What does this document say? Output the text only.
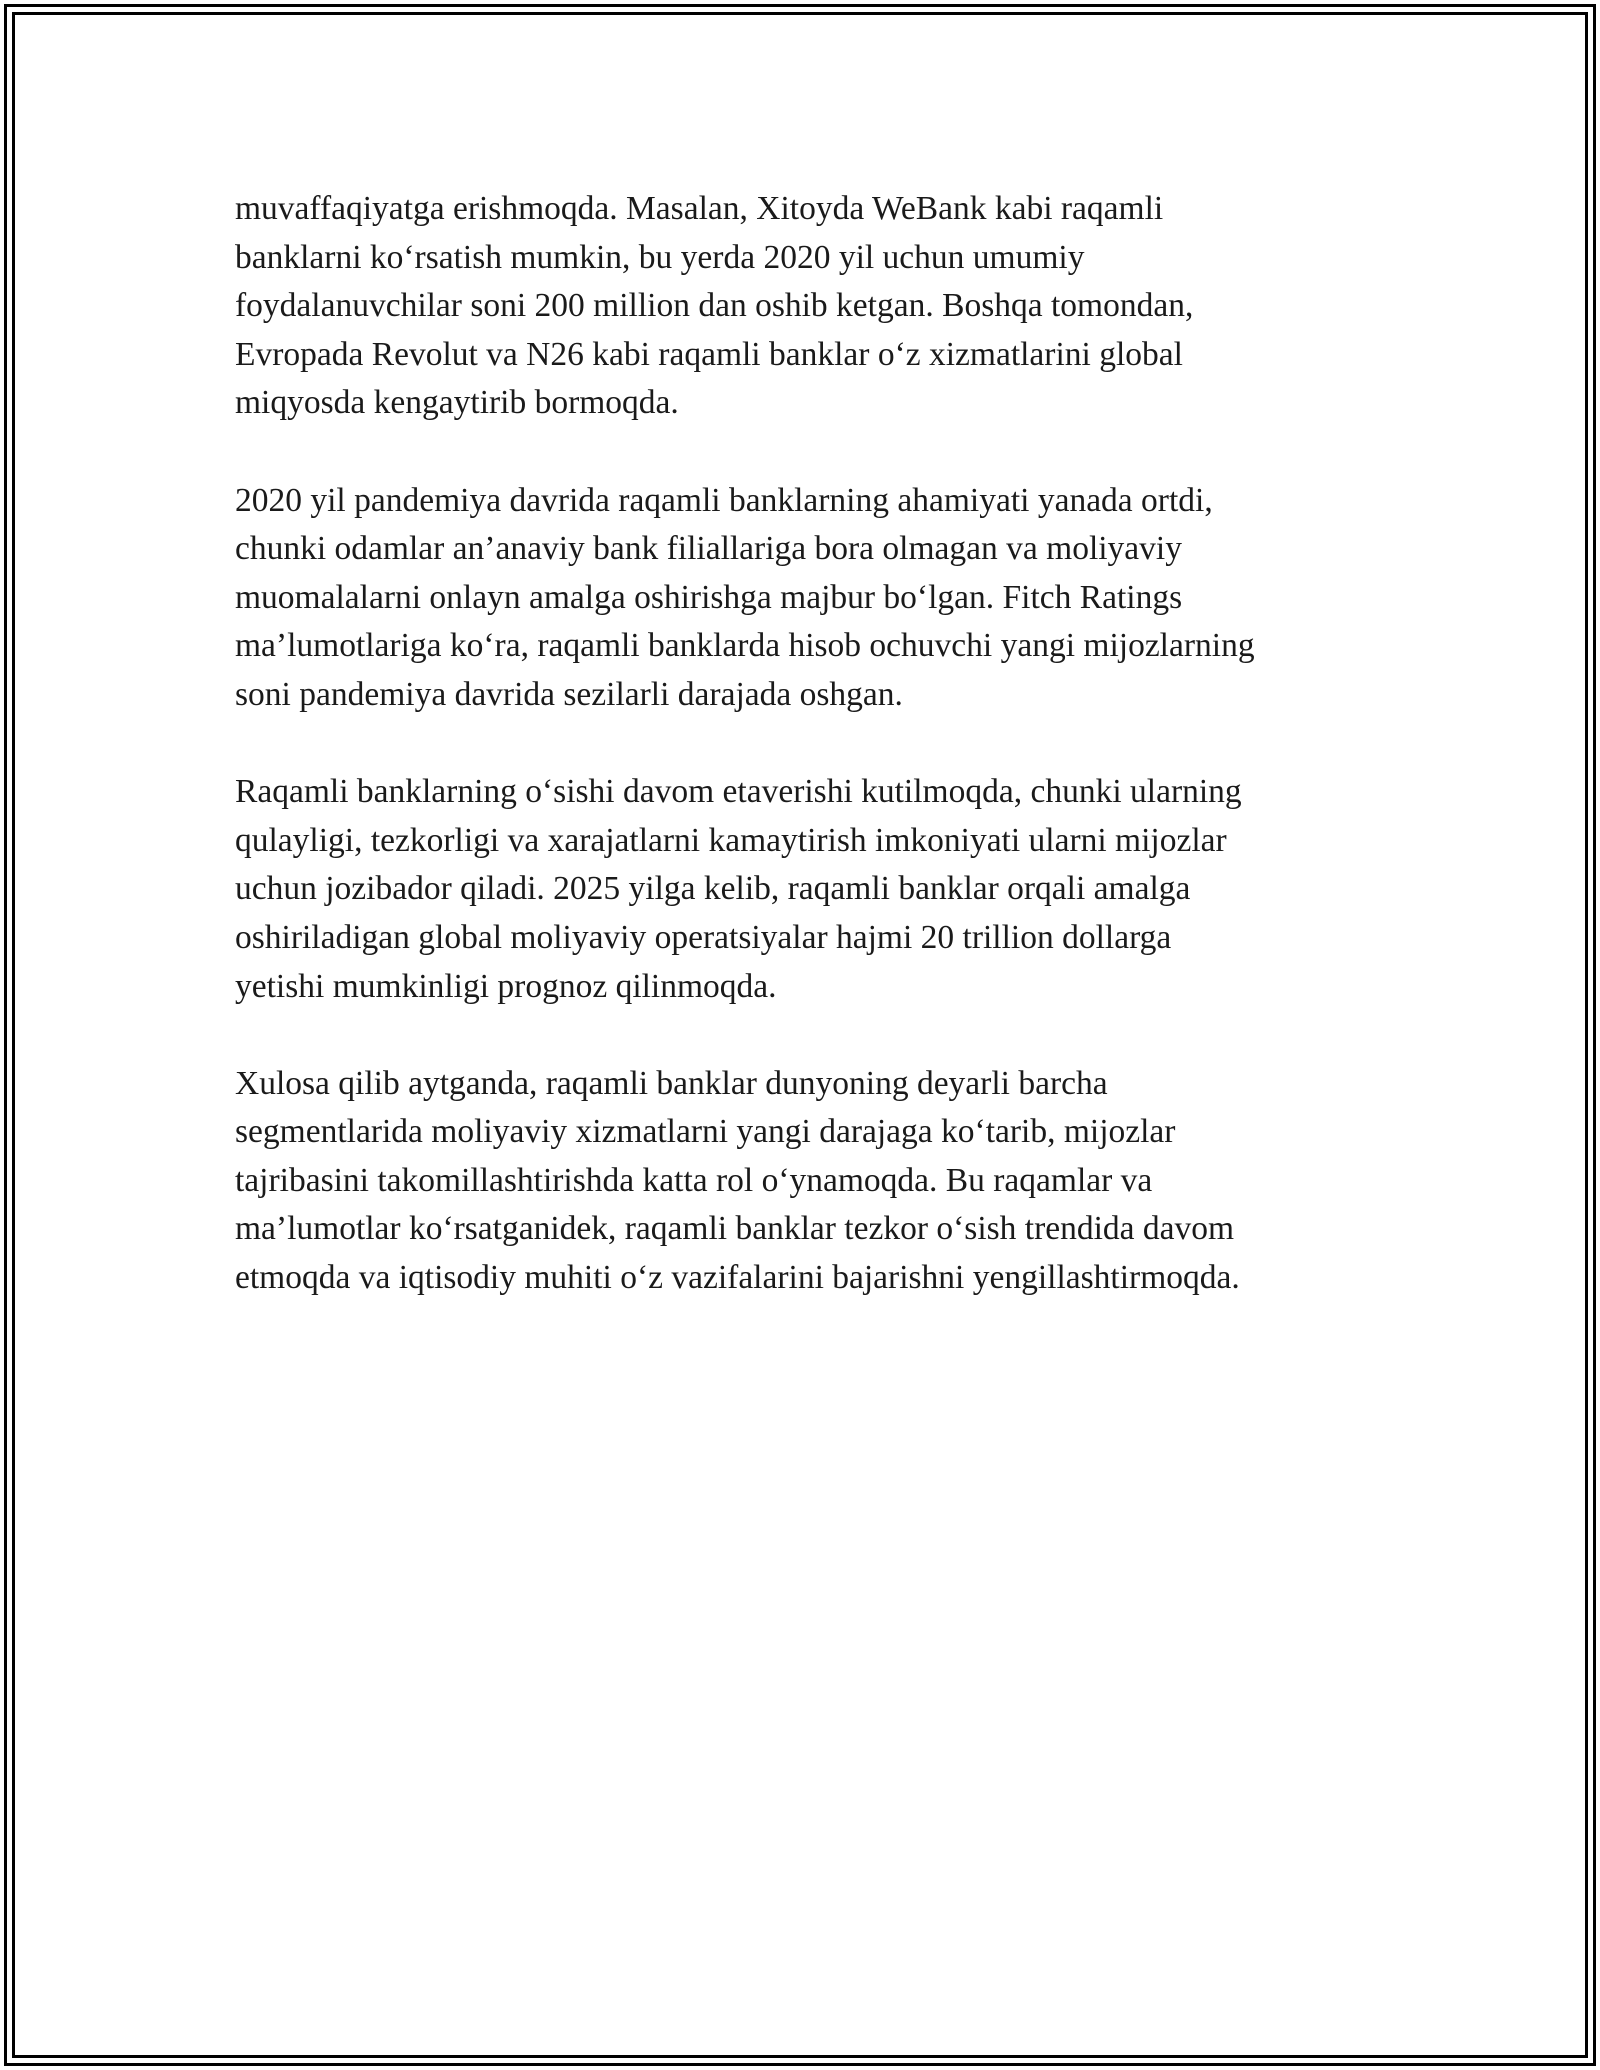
muvaffaqiyatga erishmoqda. Masalan, Xitoyda WeBank kabi raqamli
banklarni koʻrsatish mumkin, bu yerda 2020 yil uchun umumiy
foydalanuvchilar soni 200 million dan oshib ketgan. Boshqa tomondan,
Evropada Revolut va N26 kabi raqamli banklar oʻz xizmatlarini global
miqyosda kengaytirib bormoqda.

2020 yil pandemiya davrida raqamli banklarning ahamiyati yanada ortdi,
chunki odamlar an’anaviy bank filiallariga bora olmagan va moliyaviy
muomalalarni onlayn amalga oshirishga majbur boʻlgan. Fitch Ratings
ma’lumotlariga koʻra, raqamli banklarda hisob ochuvchi yangi mijozlarning
soni pandemiya davrida sezilarli darajada oshgan.

Raqamli banklarning oʻsishi davom etaverishi kutilmoqda, chunki ularning
qulayligi, tezkorligi va xarajatlarni kamaytirish imkoniyati ularni mijozlar
uchun jozibador qiladi. 2025 yilga kelib, raqamli banklar orqali amalga
oshiriladigan global moliyaviy operatsiyalar hajmi 20 trillion dollarga
yetishi mumkinligi prognoz qilinmoqda.

Xulosa qilib aytganda, raqamli banklar dunyoning deyarli barcha
segmentlarida moliyaviy xizmatlarni yangi darajaga koʻtarib, mijozlar
tajribasini takomillashtirishda katta rol oʻynamoqda. Bu raqamlar va
ma’lumotlar koʻrsatganidek, raqamli banklar tezkor oʻsish trendida davom
etmoqda va iqtisodiy muhiti oʻz vazifalarini bajarishni yengillashtirmoqda.
